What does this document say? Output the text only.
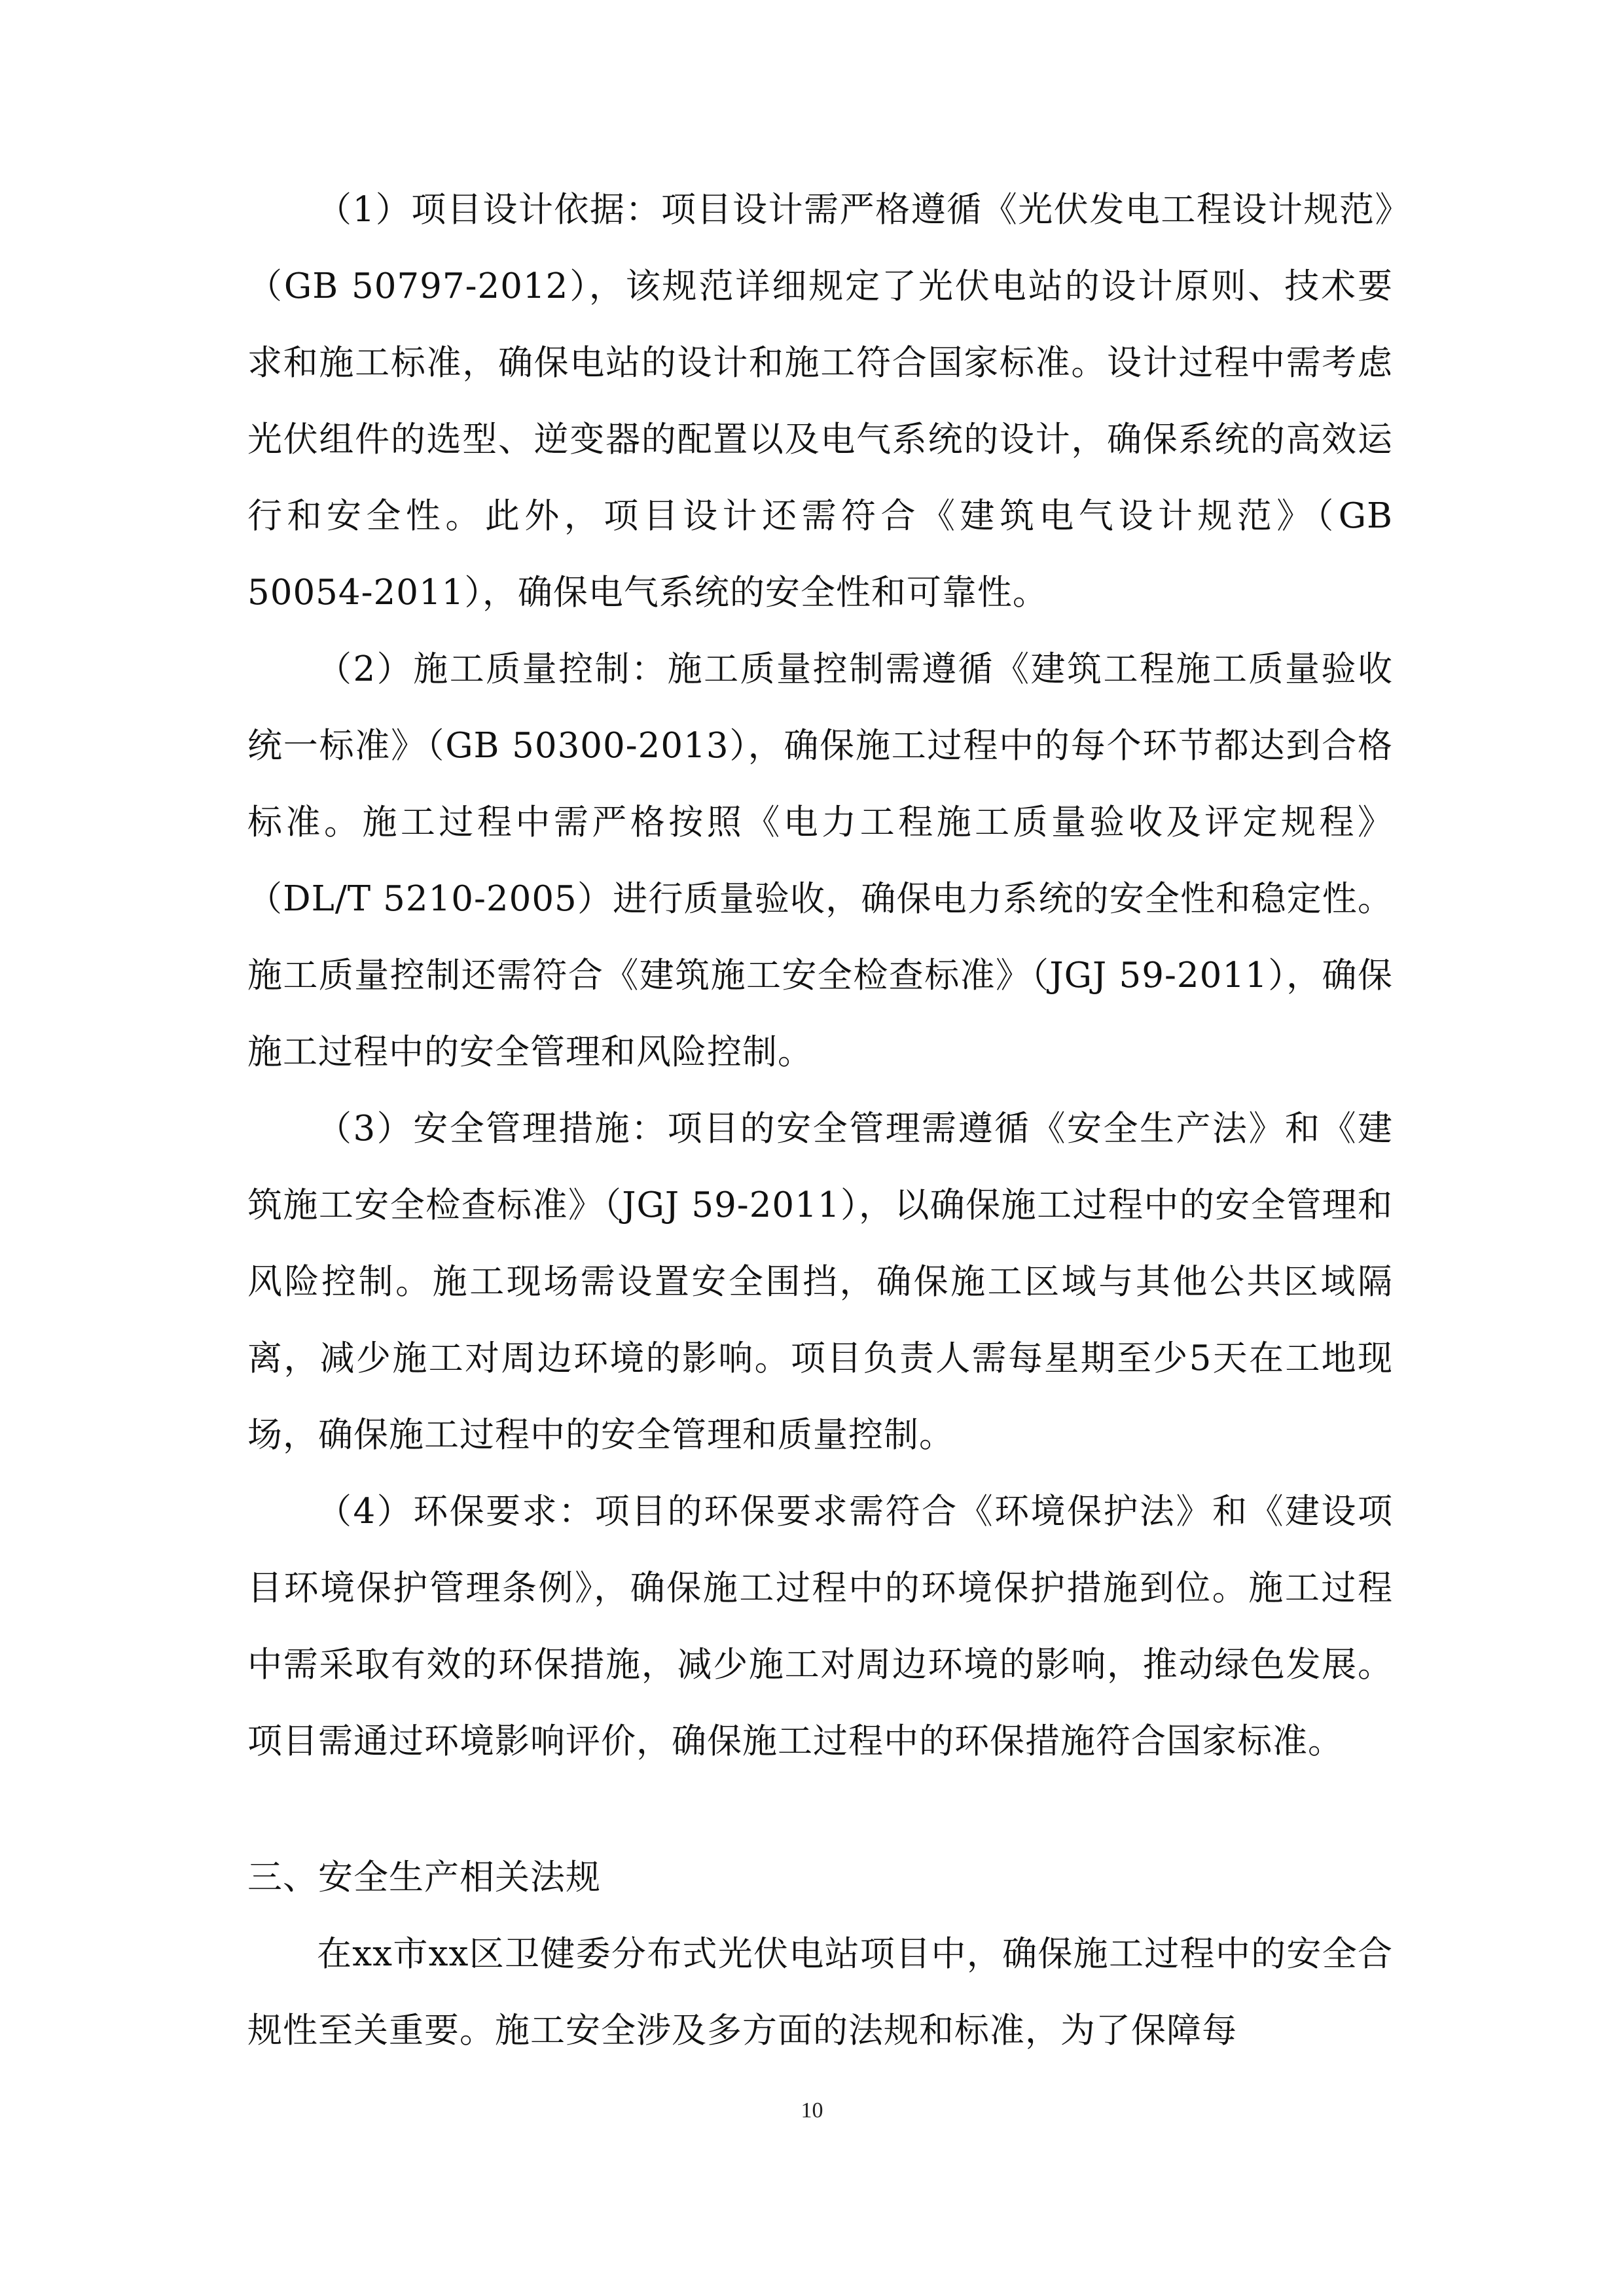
（1）项目设计依据：项目设计需严格遵循《光伏发电工程设计规范》（GB 50797-2012），该规范详细规定了光伏电站的设计原则、技术要求和施工标准，确保电站的设计和施工符合国家标准。设计过程中需考虑光伏组件的选型、逆变器的配置以及电气系统的设计，确保系统的高效运行和安全性。此外，项目设计还需符合《建筑电气设计规范》（GB 50054-2011），确保电气系统的安全性和可靠性。

（2）施工质量控制：施工质量控制需遵循《建筑工程施工质量验收统一标准》（GB 50300-2013），确保施工过程中的每个环节都达到合格标准。施工过程中需严格按照《电力工程施工质量验收及评定规程》（DL/T 5210-2005）进行质量验收，确保电力系统的安全性和稳定性。施工质量控制还需符合《建筑施工安全检查标准》（JGJ 59-2011），确保施工过程中的安全管理和风险控制。

（3）安全管理措施：项目的安全管理需遵循《安全生产法》和《建筑施工安全检查标准》（JGJ 59-2011），以确保施工过程中的安全管理和风险控制。施工现场需设置安全围挡，确保施工区域与其他公共区域隔离，减少施工对周边环境的影响。项目负责人需每星期至少5天在工地现场，确保施工过程中的安全管理和质量控制。

（4）环保要求：项目的环保要求需符合《环境保护法》和《建设项目环境保护管理条例》，确保施工过程中的环境保护措施到位。施工过程中需采取有效的环保措施，减少施工对周边环境的影响，推动绿色发展。项目需通过环境影响评价，确保施工过程中的环保措施符合国家标准。

三、安全生产相关法规

在xx市xx区卫健委分布式光伏电站项目中，确保施工过程中的安全合规性至关重要。施工安全涉及多方面的法规和标准，为了保障每

10
